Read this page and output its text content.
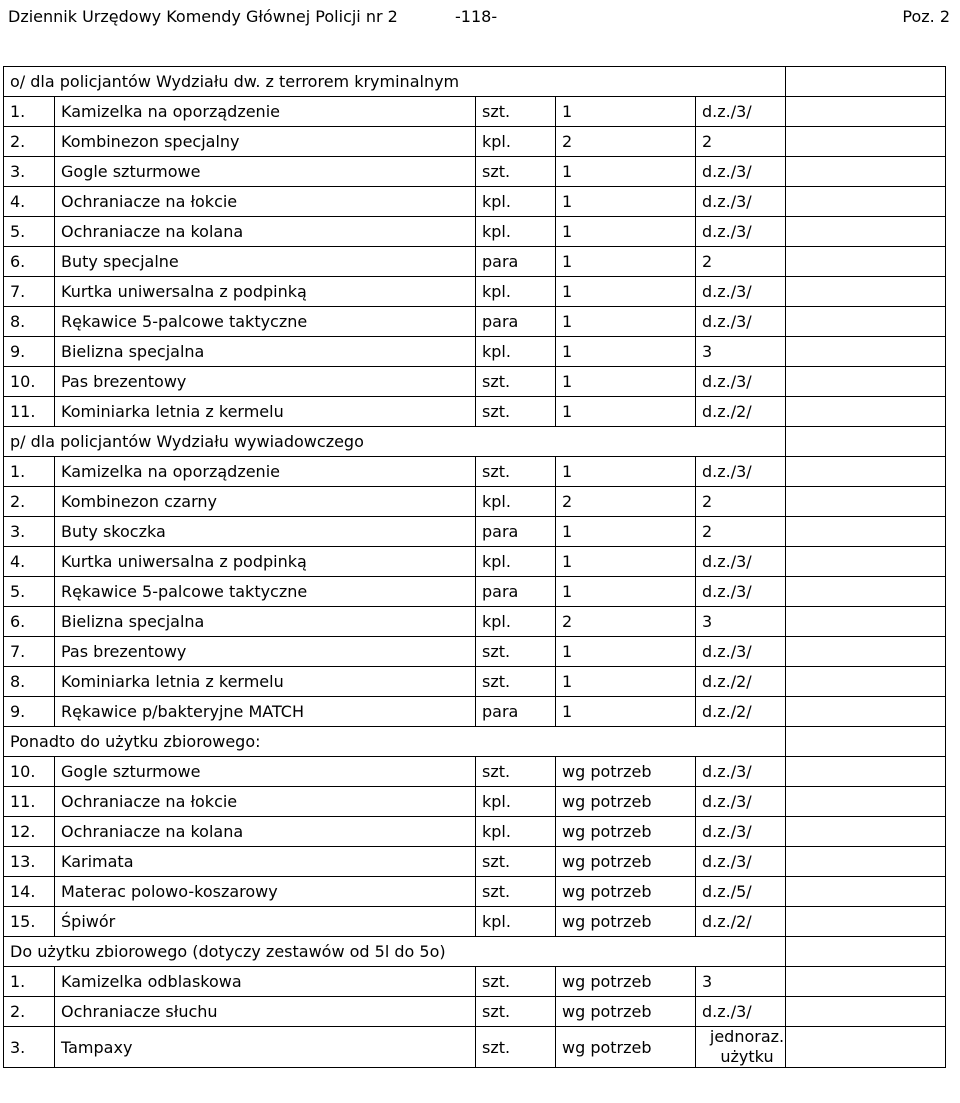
Dziennik Urzędowy Komendy Głównej Policji nr 2	-118-	Poz. 2
o/ dla policjantów Wydziału dw. z terrorem kryminalnym					
1.	Kamizelka na oporządzenie	szt.	1	d.z./3/	
2.	Kombinezon specjalny	kpl.	2	2	
3.	Gogle szturmowe	szt.	1	d.z./3/	
4.	Ochraniacze na łokcie	kpl.	1	d.z./3/	
5.	Ochraniacze na kolana	kpl.	1	d.z./3/	
6.	Buty specjalne	para	1	2	
7.	Kurtka uniwersalna z podpinką	kpl.	1	d.z./3/	
8.	Rękawice 5-palcowe taktyczne	para	1	d.z./3/	
9.	Bielizna specjalna	kpl.	1	3	
10.	Pas brezentowy	szt.	1	d.z./3/	
11.	Kominiarka letnia z kermelu	szt.	1	d.z./2/	
p/ dla policjantów Wydziału wywiadowczego					
1.	Kamizelka na oporządzenie	szt.	1	d.z./3/	
2.	Kombinezon czarny	kpl.	2	2	
3.	Buty skoczka	para	1	2	
4.	Kurtka uniwersalna z podpinką	kpl.	1	d.z./3/	
5.	Rękawice 5-palcowe taktyczne	para	1	d.z./3/	
6.	Bielizna specjalna	kpl.	2	3	
7.	Pas brezentowy	szt.	1	d.z./3/	
8.	Kominiarka letnia z kermelu	szt.	1	d.z./2/	
9.	Rękawice p/bakteryjne MATCH	para	1	d.z./2/	
Ponadto do użytku zbiorowego:					
10.	Gogle szturmowe	szt.	wg potrzeb	d.z./3/	
11.	Ochraniacze na łokcie	kpl.	wg potrzeb	d.z./3/	
12.	Ochraniacze na kolana	kpl.	wg potrzeb	d.z./3/	
13.	Karimata	szt.	wg potrzeb	d.z./3/	
14.	Materac polowo-koszarowy	szt.	wg potrzeb	d.z./5/	
15.	Śpiwór	kpl.	wg potrzeb	d.z./2/	
Do użytku zbiorowego (dotyczy zestawów od 5l do 5o)					
1.	Kamizelka odblaskowa	szt.	wg potrzeb	3	
2.	Ochraniacze słuchu	szt.	wg potrzeb	d.z./3/	
3.	Tampaxy	szt.	wg potrzeb	jednoraz.
użytku	
